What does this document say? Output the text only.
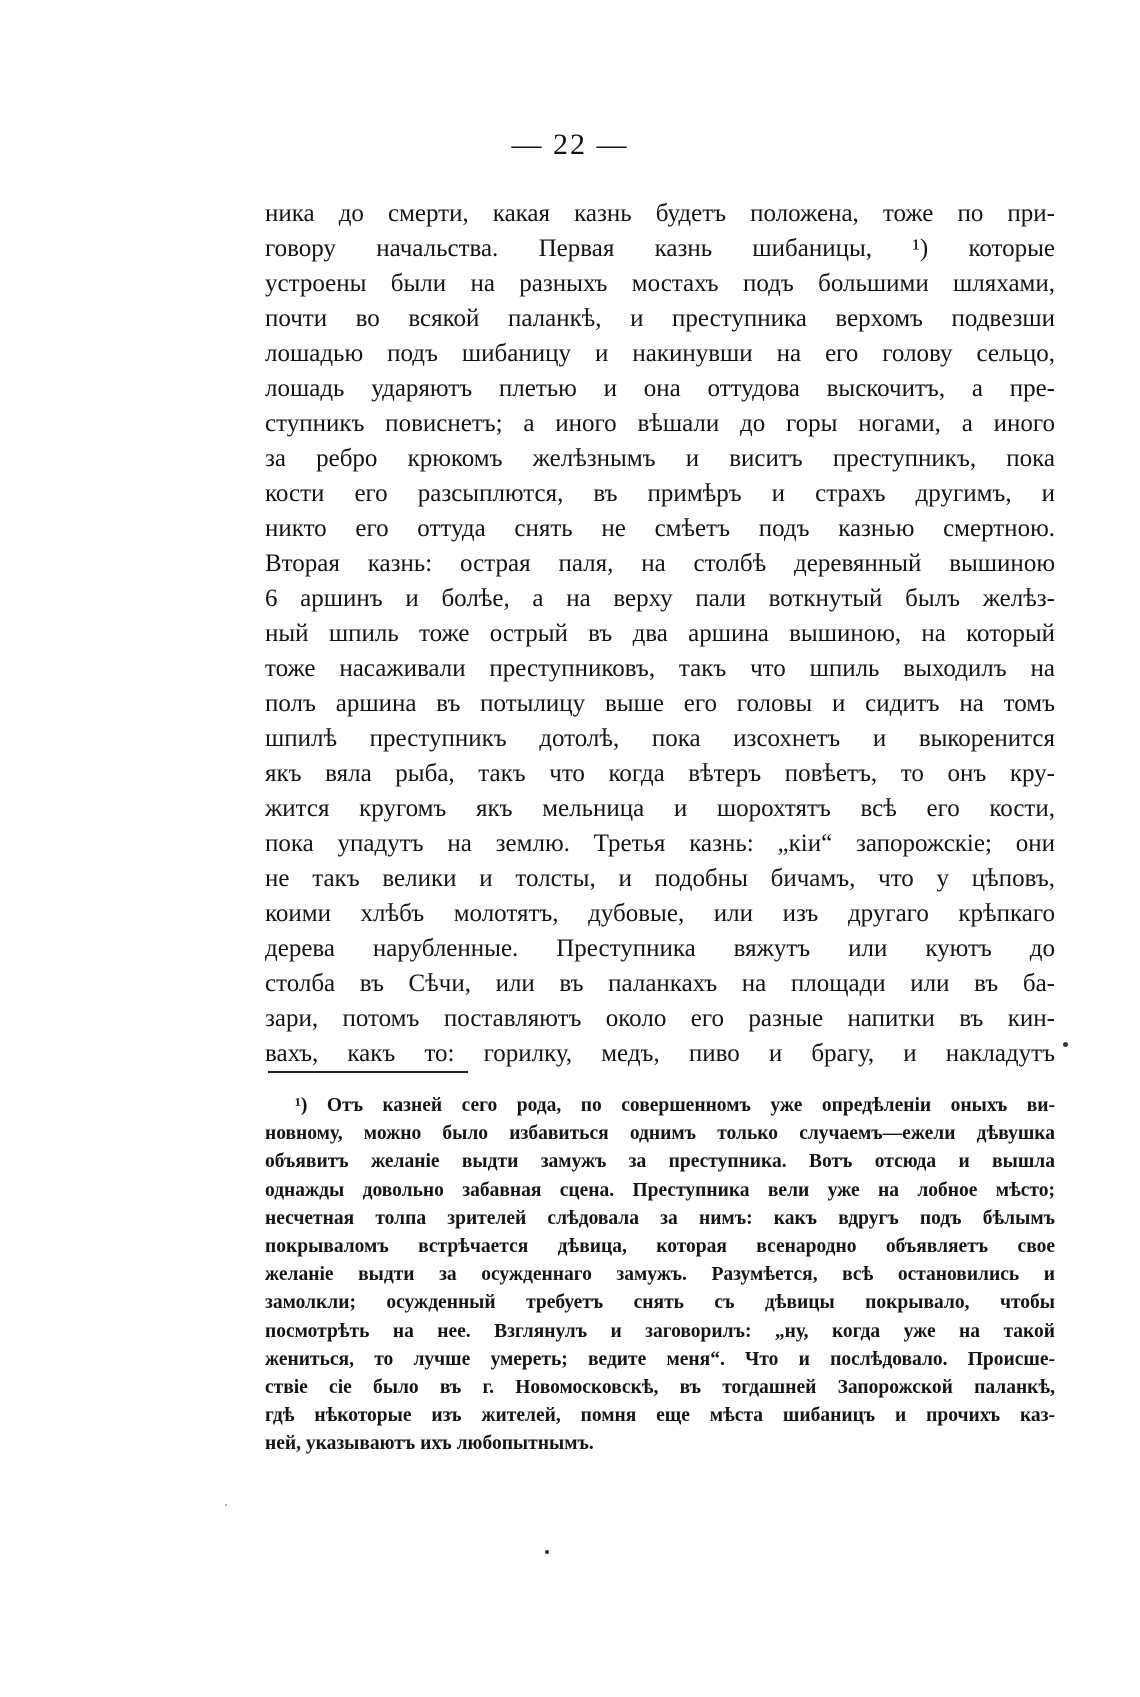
— 22 —
ника до смерти, какая казнь будетъ положена, тоже по при-
говору начальства. Первая казнь шибаницы, ¹) которые
устроены были на разныхъ мостахъ подъ большими шляхами,
почти во всякой паланкѣ, и преступника верхомъ подвезши
лошадью подъ шибаницу и накинувши на его голову сельцо,
лошадь ударяютъ плетью и она оттудова выскочитъ, а пре-
ступникъ повиснетъ; а иного вѣшали до горы ногами, а иного
за ребро крюкомъ желѣзнымъ и виситъ преступникъ, пока
кости его разсыплются, въ примѣръ и страхъ другимъ, и
никто его оттуда снять не смѣетъ подъ казнью смертною.
Вторая казнь: острая паля, на столбѣ деревянный вышиною
6 аршинъ и болѣе, а на верху пали воткнутый былъ желѣз-
ный шпиль тоже острый въ два аршина вышиною, на который
тоже насаживали преступниковъ, такъ что шпиль выходилъ на
полъ аршина въ потылицу выше его головы и сидитъ на томъ
шпилѣ преступникъ дотолѣ, пока изсохнетъ и выкоренится
якъ вяла рыба, такъ что когда вѣтеръ повѣетъ, то онъ кру-
жится кругомъ якъ мельница и шорохтятъ всѣ его кости,
пока упадутъ на землю. Третья казнь: „кiи“ запорожскiе; они
не такъ велики и толсты, и подобны бичамъ, что у цѣповъ,
коими хлѣбъ молотятъ, дубовые, или изъ другаго крѣпкаго
дерева нарубленные. Преступника вяжутъ или куютъ до
столба въ Сѣчи, или въ паланкахъ на площади или въ ба-
зари, потомъ поставляютъ около его разные напитки въ кин-
вахъ, какъ то: горилку, медъ, пиво и брагу, и накладутъ
¹) Отъ казней сего рода, по совершенномъ уже опредѣленiи оныхъ ви-
новному, можно было избавиться однимъ только случаемъ—ежели дѣвушка
объявитъ желанiе выдти замужъ за преступника. Вотъ отсюда и вышла
однажды довольно забавная сцена. Преступника вели уже на лобное мѣсто;
несчетная толпа зрителей слѣдовала за нимъ: какъ вдругъ подъ бѣлымъ
покрываломъ встрѣчается дѣвица, которая всенародно объявляетъ свое
желанiе выдти за осужденнаго замужъ. Разумѣется, всѣ остановились и
замолкли; осужденный требуетъ снять съ дѣвицы покрывало, чтобы
посмотрѣть на нее. Взглянулъ и заговорилъ: „ну, когда уже на такой
жениться, то лучше умереть; ведите меня“. Что и послѣдовало. Происше-
ствiе сiе было въ г. Новомосковскѣ, въ тогдашней Запорожской паланкѣ,
гдѣ нѣкоторые изъ жителей, помня еще мѣста шибаницъ и прочихъ каз-
ней, указываютъ ихъ любопытнымъ.
